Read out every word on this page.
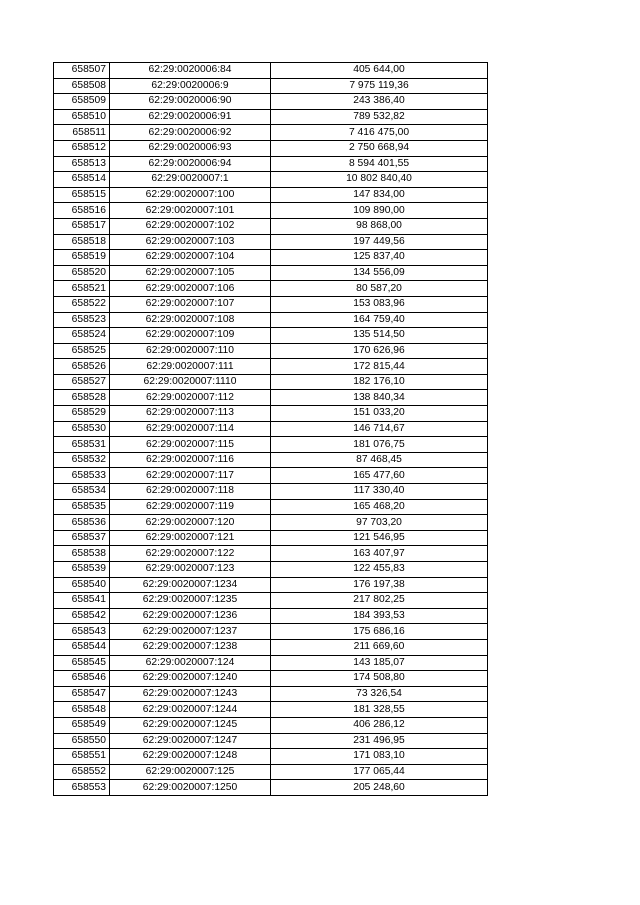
658507	62:29:0020006:84	405 644,00
658508	62:29:0020006:9	7 975 119,36
658509	62:29:0020006:90	243 386,40
658510	62:29:0020006:91	789 532,82
658511	62:29:0020006:92	7 416 475,00
658512	62:29:0020006:93	2 750 668,94
658513	62:29:0020006:94	8 594 401,55
658514	62:29:0020007:1	10 802 840,40
658515	62:29:0020007:100	147 834,00
658516	62:29:0020007:101	109 890,00
658517	62:29:0020007:102	98 868,00
658518	62:29:0020007:103	197 449,56
658519	62:29:0020007:104	125 837,40
658520	62:29:0020007:105	134 556,09
658521	62:29:0020007:106	80 587,20
658522	62:29:0020007:107	153 083,96
658523	62:29:0020007:108	164 759,40
658524	62:29:0020007:109	135 514,50
658525	62:29:0020007:110	170 626,96
658526	62:29:0020007:111	172 815,44
658527	62:29:0020007:1110	182 176,10
658528	62:29:0020007:112	138 840,34
658529	62:29:0020007:113	151 033,20
658530	62:29:0020007:114	146 714,67
658531	62:29:0020007:115	181 076,75
658532	62:29:0020007:116	87 468,45
658533	62:29:0020007:117	165 477,60
658534	62:29:0020007:118	117 330,40
658535	62:29:0020007:119	165 468,20
658536	62:29:0020007:120	97 703,20
658537	62:29:0020007:121	121 546,95
658538	62:29:0020007:122	163 407,97
658539	62:29:0020007:123	122 455,83
658540	62:29:0020007:1234	176 197,38
658541	62:29:0020007:1235	217 802,25
658542	62:29:0020007:1236	184 393,53
658543	62:29:0020007:1237	175 686,16
658544	62:29:0020007:1238	211 669,60
658545	62:29:0020007:124	143 185,07
658546	62:29:0020007:1240	174 508,80
658547	62:29:0020007:1243	73 326,54
658548	62:29:0020007:1244	181 328,55
658549	62:29:0020007:1245	406 286,12
658550	62:29:0020007:1247	231 496,95
658551	62:29:0020007:1248	171 083,10
658552	62:29:0020007:125	177 065,44
658553	62:29:0020007:1250	205 248,60
